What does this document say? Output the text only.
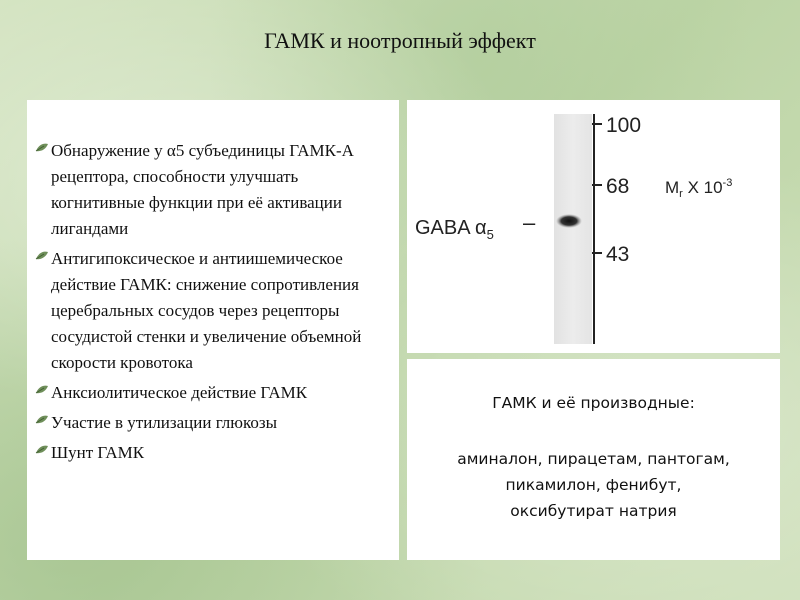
ГАМК и ноотропный эффект
Обнаружение у α5 субъединицы ГАМК-А рецептора, способности улучшать когнитивные функции при её активации лигандами
Антигипоксическое и антиишемическое действие ГАМК: снижение сопротивления церебральных сосудов через рецепторы сосудистой стенки и увеличение объемной скорости кровотока
Анксиолитическое действие ГАМК
Участие в утилизации глюкозы
Шунт ГАМК
100
68
43
$M_r$ X $10^{-3}$
GABA $\alpha_5$ –
ГАМК и её производные:
аминалон, пирацетам, пантогам,
пикамилон, фенибут,
оксибутират натрия
